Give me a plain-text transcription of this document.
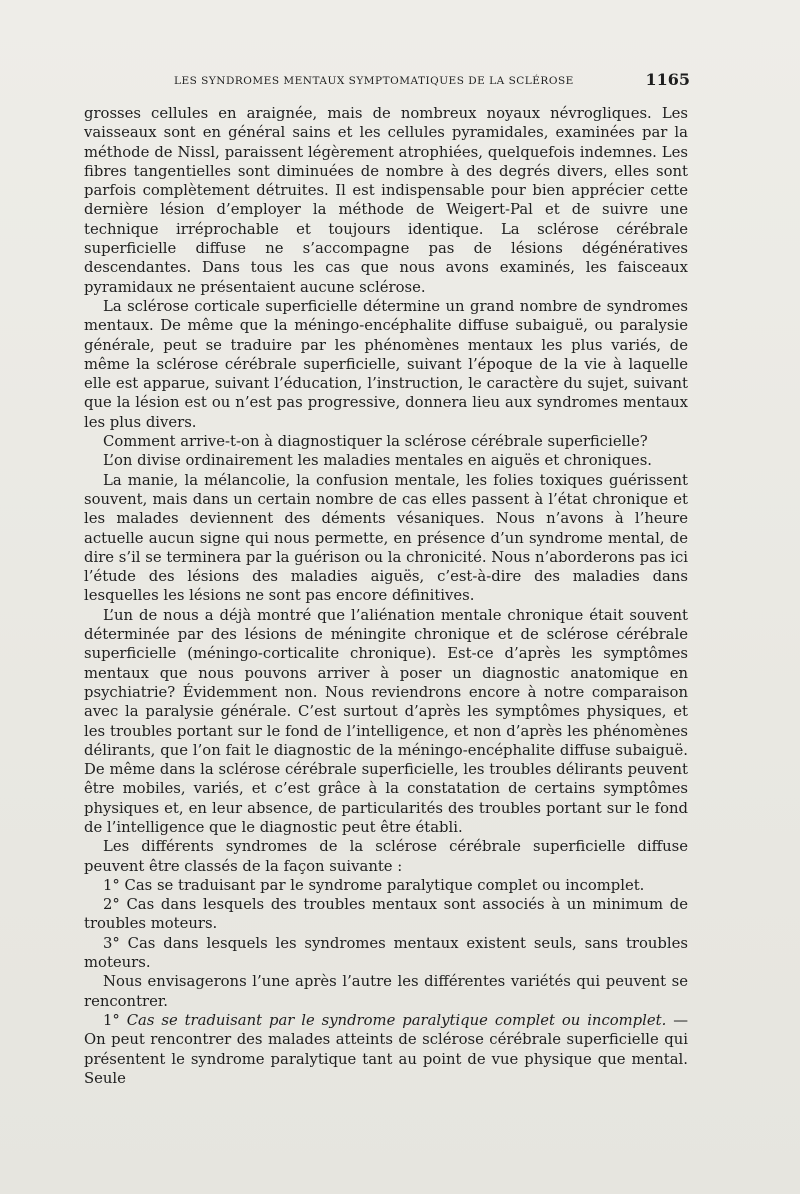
LES SYNDROMES MENTAUX SYMPTOMATIQUES DE LA SCLÉROSE	1165

grosses cellules en araignée, mais de nombreux noyaux névrogliques. Les vaisseaux sont en général sains et les cellules pyramidales, examinées par la méthode de Nissl, paraissent légèrement atrophiées, quelquefois indemnes. Les fibres tangentielles sont diminuées de nombre à des degrés divers, elles sont parfois complètement détruites. Il est indispensable pour bien apprécier cette dernière lésion d’employer la méthode de Weigert-Pal et de suivre une technique irréprochable et toujours identique. La sclérose cérébrale superficielle diffuse ne s’accompagne pas de lésions dégénératives descendantes. Dans tous les cas que nous avons examinés, les faisceaux pyramidaux ne présentaient aucune sclérose.

La sclérose corticale superficielle détermine un grand nombre de syndromes mentaux. De même que la méningo-encéphalite diffuse subaiguë, ou paralysie générale, peut se traduire par les phénomènes mentaux les plus variés, de même la sclérose cérébrale superficielle, suivant l’époque de la vie à laquelle elle est apparue, suivant l’éducation, l’instruction, le caractère du sujet, suivant que la lésion est ou n’est pas progressive, donnera lieu aux syndromes mentaux les plus divers.

Comment arrive-t-on à diagnostiquer la sclérose cérébrale superficielle?

L’on divise ordinairement les maladies mentales en aiguës et chroniques.

La manie, la mélancolie, la confusion mentale, les folies toxiques guérissent souvent, mais dans un certain nombre de cas elles passent à l’état chronique et les malades deviennent des déments vésaniques. Nous n’avons à l’heure actuelle aucun signe qui nous permette, en présence d’un syndrome mental, de dire s’il se terminera par la guérison ou la chronicité. Nous n’aborderons pas ici l’étude des lésions des maladies aiguës, c’est-à-dire des maladies dans lesquelles les lésions ne sont pas encore définitives.

L’un de nous a déjà montré que l’aliénation mentale chronique était souvent déterminée par des lésions de méningite chronique et de sclérose cérébrale superficielle (méningo-corticalite chronique). Est-ce d’après les symptômes mentaux que nous pouvons arriver à poser un diagnostic anatomique en psychiatrie? Évidemment non. Nous reviendrons encore à notre comparaison avec la paralysie générale. C’est surtout d’après les symptômes physiques, et les troubles portant sur le fond de l’intelligence, et non d’après les phénomènes délirants, que l’on fait le diagnostic de la méningo-encéphalite diffuse subaiguë. De même dans la sclérose cérébrale superficielle, les troubles délirants peuvent être mobiles, variés, et c’est grâce à la constatation de certains symptômes physiques et, en leur absence, de particularités des troubles portant sur le fond de l’intelligence que le diagnostic peut être établi.

Les différents syndromes de la sclérose cérébrale superficielle diffuse peuvent être classés de la façon suivante :

1° Cas se traduisant par le syndrome paralytique complet ou incomplet.

2° Cas dans lesquels des troubles mentaux sont associés à un minimum de troubles moteurs.

3° Cas dans lesquels les syndromes mentaux existent seuls, sans troubles moteurs.

Nous envisagerons l’une après l’autre les différentes variétés qui peuvent se rencontrer.

1° Cas se traduisant par le syndrome paralytique complet ou incomplet. — On peut rencontrer des malades atteints de sclérose cérébrale superficielle qui présentent le syndrome paralytique tant au point de vue physique que mental. Seule
